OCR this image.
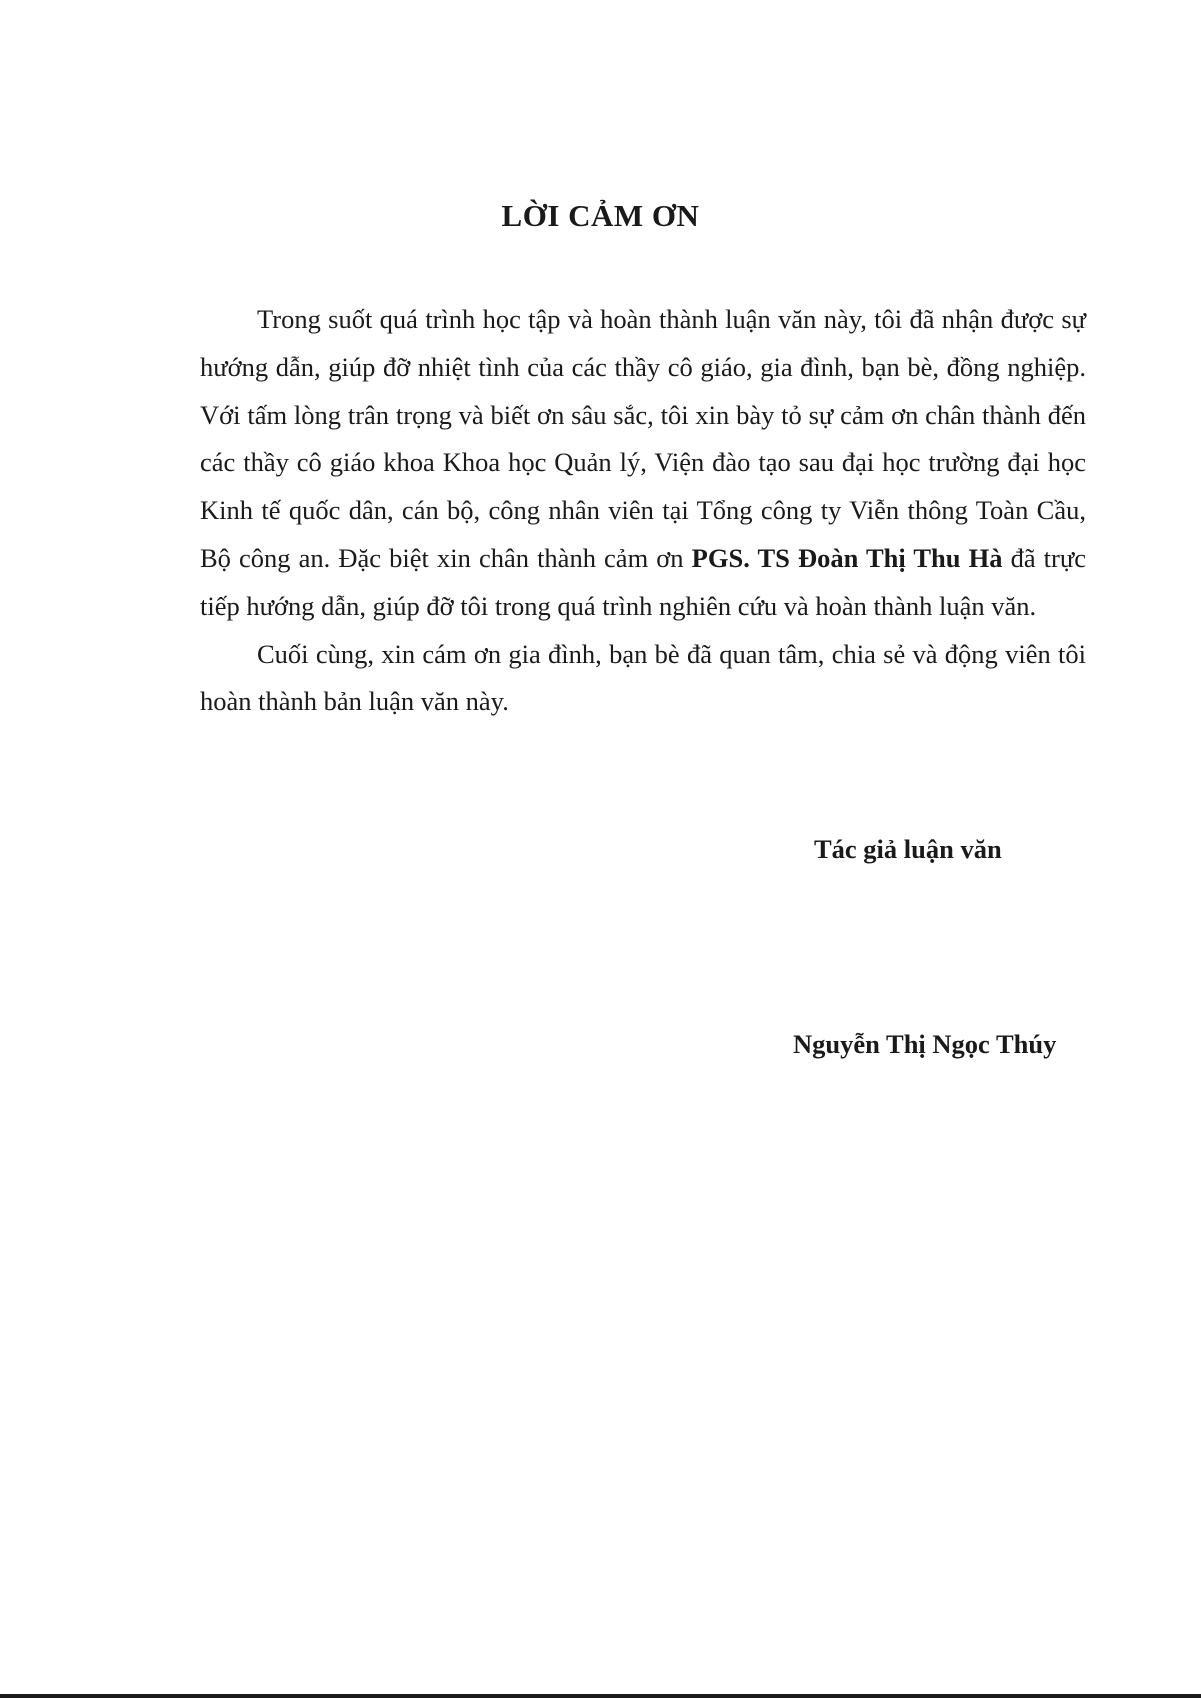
LỜI CẢM ƠN

Trong suốt quá trình học tập và hoàn thành luận văn này, tôi đã nhận được sự hướng dẫn, giúp đỡ nhiệt tình của các thầy cô giáo, gia đình, bạn bè, đồng nghiệp. Với tấm lòng trân trọng và biết ơn sâu sắc, tôi xin bày tỏ sự cảm ơn chân thành đến các thầy cô giáo khoa Khoa học Quản lý, Viện đào tạo sau đại học trường đại học Kinh tế quốc dân, cán bộ, công nhân viên tại Tổng công ty Viễn thông Toàn Cầu, Bộ công an. Đặc biệt xin chân thành cảm ơn PGS. TS Đoàn Thị Thu Hà đã trực tiếp hướng dẫn, giúp đỡ tôi trong quá trình nghiên cứu và hoàn thành luận văn.

Cuối cùng, xin cám ơn gia đình, bạn bè đã quan tâm, chia sẻ và động viên tôi hoàn thành bản luận văn này.

Tác giả luận văn

Nguyễn Thị Ngọc Thúy
